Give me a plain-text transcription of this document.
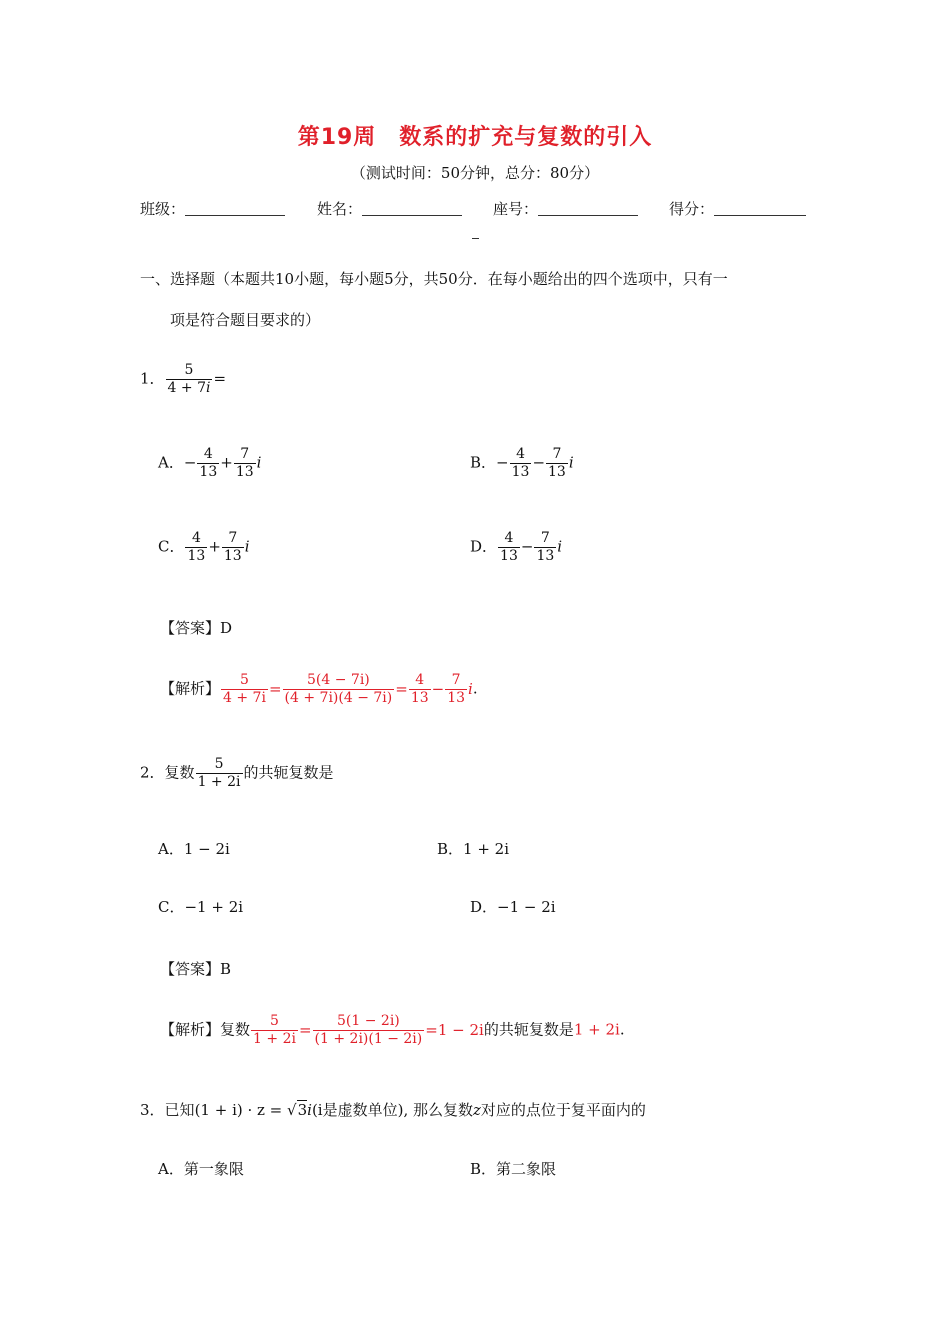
第19周　数系的扩充与复数的引入
（测试时间：50分钟，总分：80分）
班级：	姓名：	座号：	得分：
一、选择题（本题共10小题，每小题5分，共50分．在每小题给出的四个选项中，只有一
项是符合题目要求的）
1． $\frac{5}{4 + 7i}$ =
A．− $\frac{4}{13} + \frac{7}{13}$ i	B．− $\frac{4}{13} - \frac{7}{13}$ i
C． $\frac{4}{13} + \frac{7}{13}$ i	D． $\frac{4}{13} - \frac{7}{13}$ i
【答案】D
【解析】 $\frac{5}{4 + 7i} = \frac{5(4 - 7i)}{(4 + 7i)(4 - 7i)} = \frac{4}{13} - \frac{7}{13} i$.
2．复数 $\frac{5}{1 + 2i}$ 的共轭复数是
A．1 − 2i	B．1 + 2i
C．−1 + 2i	D．−1 − 2i
【答案】B
【解析】复数 $\frac{5}{1 + 2i} = \frac{5(1 - 2i)}{(1 + 2i)(1 - 2i)} =1 - 2i$的共轭复数是1 + 2i.
3．已知(1 + i) · z = √3i(i是虚数单位), 那么复数z对应的点位于复平面内的
A．第一象限	B．第二象限
